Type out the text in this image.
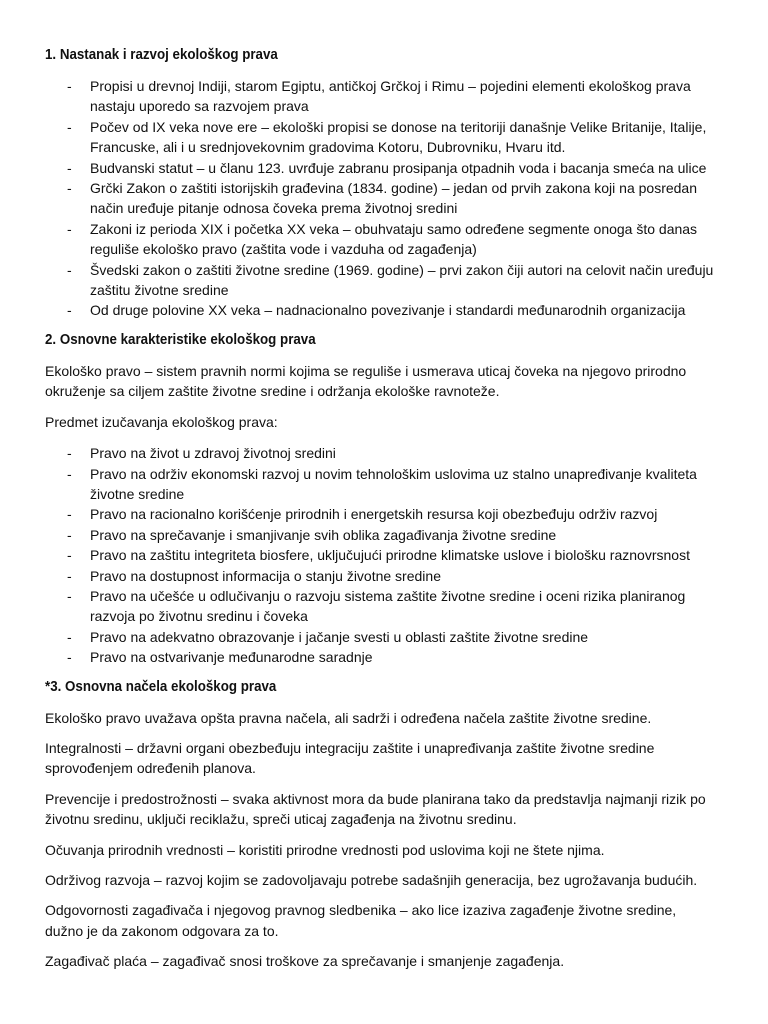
1. Nastanak i razvoj ekološkog prava
- Propisi u drevnoj Indiji, starom Egiptu, antičkoj Grčkoj i Rimu – pojedini elementi ekološkog prava nastaju uporedo sa razvojem prava
- Počev od IX veka nove ere – ekološki propisi se donose na teritoriji današnje Velike Britanije, Italije, Francuske, ali i u srednjovekovnim gradovima Kotoru, Dubrovniku, Hvaru itd.
- Budvanski statut – u članu 123. uvrđuje zabranu prosipanja otpadnih voda i bacanja smeća na ulice
- Grčki Zakon o zaštiti istorijskih građevina (1834. godine) – jedan od prvih zakona koji na posredan način uređuje pitanje odnosa čoveka prema životnoj sredini
- Zakoni iz perioda XIX i početka XX veka – obuhvataju samo određene segmente onoga što danas reguliše ekološko pravo (zaštita vode i vazduha od zagađenja)
- Švedski zakon o zaštiti životne sredine (1969. godine) – prvi zakon čiji autori na celovit način uređuju zaštitu životne sredine
- Od druge polovine XX veka – nadnacionalno povezivanje i standardi međunarodnih organizacija
2. Osnovne karakteristike ekološkog prava

Ekološko pravo – sistem pravnih normi kojima se reguliše i usmerava uticaj čoveka na njegovo prirodno okruženje sa ciljem zaštite životne sredine i održanja ekološke ravnoteže.

Predmet izučavanja ekološkog prava:

- Pravo na život u zdravoj životnoj sredini
- Pravo na održiv ekonomski razvoj u novim tehnološkim uslovima uz stalno unapređivanje kvaliteta životne sredine
- Pravo na racionalno korišćenje prirodnih i energetskih resursa koji obezbeđuju održiv razvoj
- Pravo na sprečavanje i smanjivanje svih oblika zagađivanja životne sredine
- Pravo na zaštitu integriteta biosfere, uključujući prirodne klimatske uslove i biološku raznovrsnost
- Pravo na dostupnost informacija o stanju životne sredine
- Pravo na učešće u odlučivanju o razvoju sistema zaštite životne sredine i oceni rizika planiranog razvoja po životnu sredinu i čoveka
- Pravo na adekvatno obrazovanje i jačanje svesti u oblasti zaštite životne sredine
- Pravo na ostvarivanje međunarodne saradnje
*3. Osnovna načela ekološkog prava

Ekološko pravo uvažava opšta pravna načela, ali sadrži i određena načela zaštite životne sredine.

Integralnosti – državni organi obezbeđuju integraciju zaštite i unapređivanja zaštite životne sredine sprovođenjem određenih planova.

Prevencije i predostrožnosti – svaka aktivnost mora da bude planirana tako da predstavlja najmanji rizik po životnu sredinu, uključi reciklažu, spreči uticaj zagađenja na životnu sredinu.

Očuvanja prirodnih vrednosti – koristiti prirodne vrednosti pod uslovima koji ne štete njima.

Održivog razvoja – razvoj kojim se zadovoljavaju potrebe sadašnjih generacija, bez ugrožavanja budućih.

Odgovornosti zagađivača i njegovog pravnog sledbenika – ako lice izaziva zagađenje životne sredine, dužno je da zakonom odgovara za to.

Zagađivač plaća – zagađivač snosi troškove za sprečavanje i smanjenje zagađenja.
